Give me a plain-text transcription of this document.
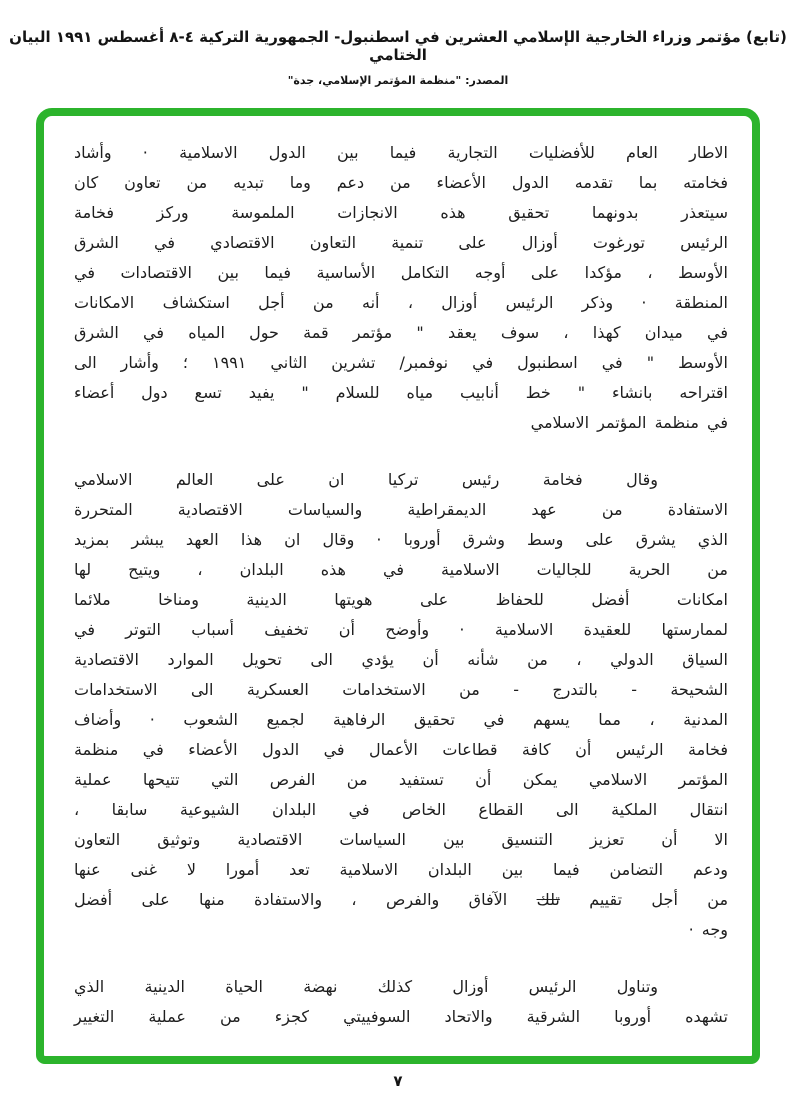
(تابع) مؤتمر وزراء الخارجية الإسلامي العشرين في اسطنبول- الجمهورية التركية ٤-٨ أغسطس ١٩٩١ البيان الختامي
المصدر: "منظمة المؤتمر الإسلامي، جدة"
الاطار العام للأفضليات التجارية فيما بين الدول الاسلامية · وأشاد
فخامته بما تقدمه الدول الأعضاء من دعم وما تبديه من تعاون كان
سيتعذر بدونهما تحقيق هذه الانجازات الملموسة وركز فخامة
الرئيس تورغوت أوزال على تنمية التعاون الاقتصادي في الشرق
الأوسط ، مؤكدا على أوجه التكامل الأساسية فيما بين الاقتصادات في
المنطقة · وذكر الرئيس أوزال ، أنه من أجل استكشاف الامكانات
في ميدان كهذا ، سوف يعقد " مؤتمر قمة حول المياه في الشرق
الأوسط " في اسطنبول في نوفمبر/ تشرين الثاني ١٩٩١ ؛ وأشار الى
اقتراحه بانشاء " خط أنابيب مياه للسلام " يفيد تسع دول أعضاء
في منظمة المؤتمر الاسلامي
وقال فخامة رئيس تركيا ان على العالم الاسلامي
الاستفادة من عهد الديمقراطية والسياسات الاقتصادية المتحررة
الذي يشرق على وسط وشرق أوروبا · وقال ان هذا العهد يبشر بمزيد
من الحرية للجاليات الاسلامية في هذه البلدان ، ويتيح لها
امكانات أفضل للحفاظ على هويتها الدينية ومناخا ملائما
لممارستها للعقيدة الاسلامية · وأوضح أن تخفيف أسباب التوتر في
السياق الدولي ، من شأنه أن يؤدي الى تحويل الموارد الاقتصادية
الشحيحة - بالتدرج - من الاستخدامات العسكرية الى الاستخدامات
المدنية ، مما يسهم في تحقيق الرفاهية لجميع الشعوب · وأضاف
فخامة الرئيس أن كافة قطاعات الأعمال في الدول الأعضاء في منظمة
المؤتمر الاسلامي يمكن أن تستفيد من الفرص التي تتيحها عملية
انتقال الملكية الى القطاع الخاص في البلدان الشيوعية سابقا ،
الا أن تعزيز التنسيق بين السياسات الاقتصادية وتوثيق التعاون
ودعم التضامن فيما بين البلدان الاسلامية تعد أمورا لا غنى عنها
من أجل تقييم تلك الآفاق والفرص ، والاستفادة منها على أفضل
وجه ·
وتناول الرئيس أوزال كذلك نهضة الحياة الدينية الذي
تشهده أوروبا الشرقية والاتحاد السوفييتي كجزء من عملية التغيير
٧
